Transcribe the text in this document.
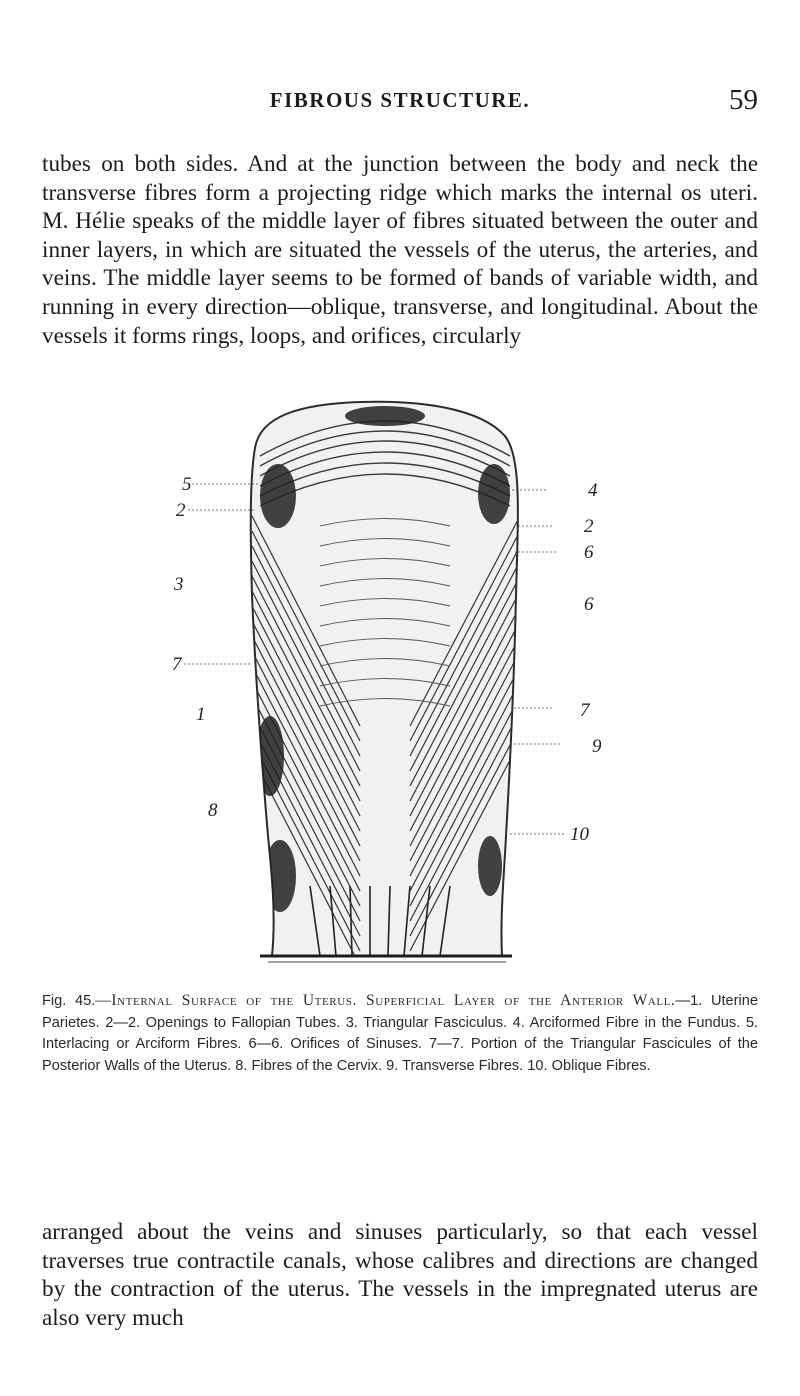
FIBROUS STRUCTURE.	59

tubes on both sides. And at the junction between the body and neck the transverse fibres form a projecting ridge which marks the internal os uteri. M. Hélie speaks of the middle layer of fibres situated between the outer and inner layers, in which are situated the vessels of the uterus, the arteries, and veins. The middle layer seems to be formed of bands of variable width, and running in every direction—oblique, transverse, and longitudinal. About the vessels it forms rings, loops, and orifices, circularly

5
2
3
7
1
8
4
2
6
6
7
9
10

Fig. 45.—Internal Surface of the Uterus. Superficial Layer of the Anterior Wall.—1. Uterine Parietes. 2—2. Openings to Fallopian Tubes. 3. Triangular Fasciculus. 4. Arciformed Fibre in the Fundus. 5. Interlacing or Arciform Fibres. 6—6. Orifices of Sinuses. 7—7. Portion of the Triangular Fascicules of the Posterior Walls of the Uterus. 8. Fibres of the Cervix. 9. Transverse Fibres. 10. Oblique Fibres.

arranged about the veins and sinuses particularly, so that each vessel traverses true contractile canals, whose calibres and directions are changed by the contraction of the uterus. The vessels in the impregnated uterus are also very much
